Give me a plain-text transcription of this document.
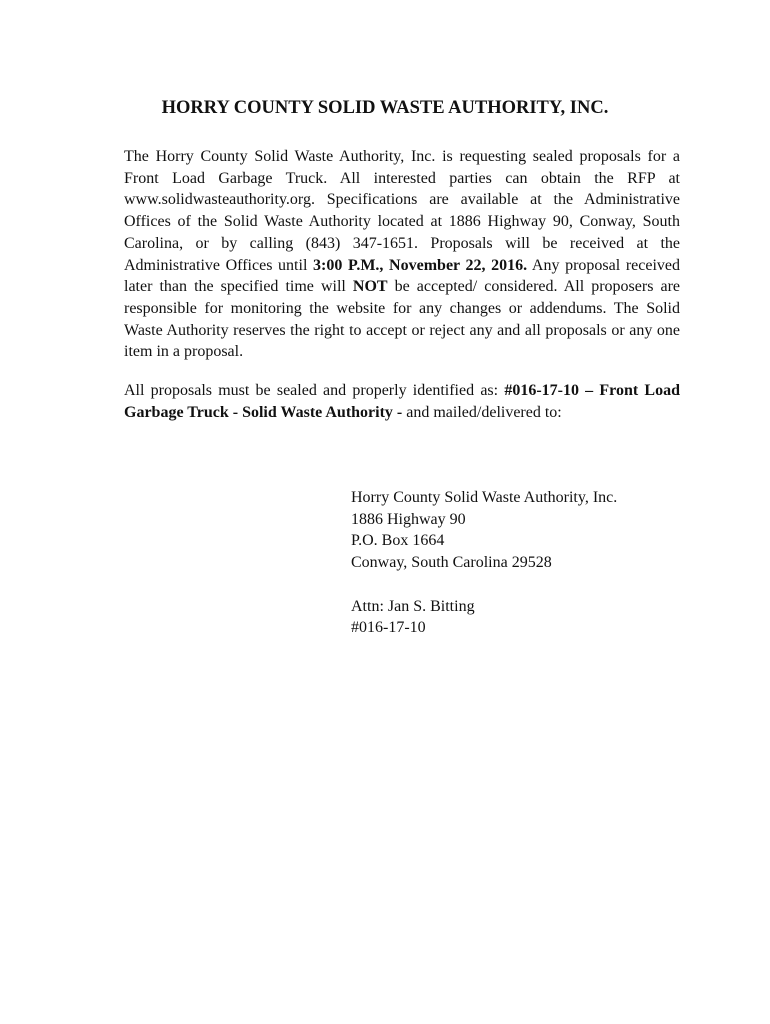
HORRY COUNTY SOLID WASTE AUTHORITY, INC.

The Horry County Solid Waste Authority, Inc. is requesting sealed proposals for a Front Load Garbage Truck. All interested parties can obtain the RFP at www.solidwasteauthority.org. Specifications are available at the Administrative Offices of the Solid Waste Authority located at 1886 Highway 90, Conway, South Carolina, or by calling (843) 347-1651. Proposals will be received at the Administrative Offices until 3:00 P.M., November 22, 2016. Any proposal received later than the specified time will NOT be accepted/ considered. All proposers are responsible for monitoring the website for any changes or addendums. The Solid Waste Authority reserves the right to accept or reject any and all proposals or any one item in a proposal.

All proposals must be sealed and properly identified as: #016-17-10 – Front Load Garbage Truck - Solid Waste Authority - and mailed/delivered to:

Horry County Solid Waste Authority, Inc.
1886 Highway 90
P.O. Box 1664
Conway, South Carolina 29528
Attn: Jan S. Bitting
#016-17-10
